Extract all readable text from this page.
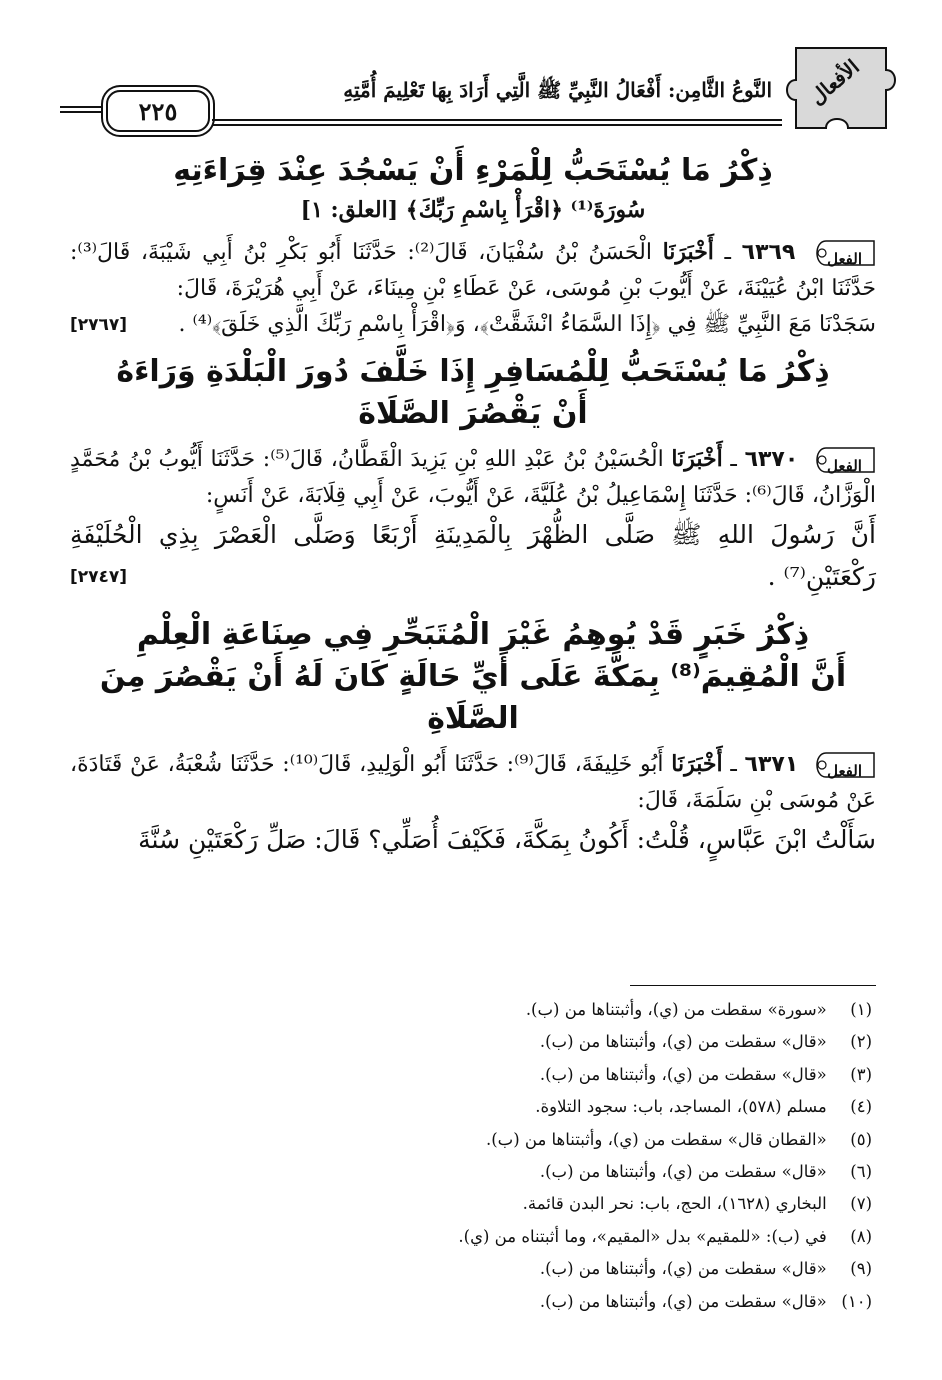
٢٢٥
النَّوعُ الثَّامِن: أَفْعَالُ النَّبِيِّ ﷺ الَّتِي أَرَادَ بِهَا تَعْلِيمَ أُمَّتِهِ الأفعال

ذِكْرُ مَا يُسْتَحَبُّ لِلْمَرْءِ أَنْ يَسْجُدَ عِنْدَ قِرَاءَتِهِ

سُورَةَ⁽¹⁾ ﴿اقْرَأْ بِاسْمِ رَبِّكَ﴾ [العلق: ١]

الفعل
٦٣٦٩ ـ أَخْبَرَنَا الْحَسَنُ بْنُ سُفْيَانَ، قَالَ⁽²⁾: حَدَّثَنَا أَبُو بَكْرِ بْنُ أَبِي شَيْبَةَ، قَالَ⁽³⁾: حَدَّثَنَا ابْنُ عُيَيْنَةَ، عَنْ أَيُّوبَ بْنِ مُوسَى، عَنْ عَطَاءِ بْنِ مِينَاءَ، عَنْ أَبِي هُرَيْرَةَ، قَالَ:

[٢٧٦٧] سَجَدْنَا مَعَ النَّبِيِّ ﷺ فِي ﴿إِذَا السَّمَاءُ انْشَقَّتْ﴾، وَ﴿اقْرَأْ بِاسْمِ رَبِّكَ الَّذِي خَلَقَ﴾⁽⁴⁾ .

ذِكْرُ مَا يُسْتَحَبُّ لِلْمُسَافِرِ إِذَا خَلَّفَ دُورَ الْبَلْدَةِ وَرَاءَهُ

أَنْ يَقْصُرَ الصَّلَاةَ

الفعل
٦٣٧٠ ـ أَخْبَرَنَا الْحُسَيْنُ بْنُ عَبْدِ اللهِ بْنِ يَزِيدَ الْقَطَّانُ، قَالَ⁽⁵⁾: حَدَّثَنَا أَيُّوبُ بْنُ مُحَمَّدٍ الْوَزَّانُ، قَالَ⁽⁶⁾: حَدَّثَنَا إِسْمَاعِيلُ بْنُ عُلَيَّةَ، عَنْ أَيُّوبَ، عَنْ أَبِي قِلَابَةَ، عَنْ أَنَسٍ:

أَنَّ رَسُولَ اللهِ ﷺ صَلَّى الظُّهْرَ بِالْمَدِينَةِ أَرْبَعًا وَصَلَّى الْعَصْرَ بِذِي الْحُلَيْفَةِ رَكْعَتَيْنِ⁽⁷⁾ .
[٢٧٤٧]

ذِكْرُ خَبَرٍ قَدْ يُوهِمُ غَيْرَ الْمُتَبَحِّرِ فِي صِنَاعَةِ الْعِلْمِ

أَنَّ الْمُقِيمَ⁽⁸⁾ بِمَكَّةَ عَلَى أَيِّ حَالَةٍ كَانَ لَهُ أَنْ يَقْصُرَ مِنَ الصَّلَاةِ

الفعل
٦٣٧١ ـ أَخْبَرَنَا أَبُو خَلِيفَةَ، قَالَ⁽⁹⁾: حَدَّثَنَا أَبُو الْوَلِيدِ، قَالَ⁽¹⁰⁾: حَدَّثَنَا شُعْبَةُ، عَنْ قَتَادَةَ، عَنْ مُوسَى بْنِ سَلَمَةَ، قَالَ:

سَأَلْتُ ابْنَ عَبَّاسٍ، قُلْتُ: أَكُونُ بِمَكَّةَ، فَكَيْفَ أُصَلِّي؟ قَالَ: صَلِّ رَكْعَتَيْنِ سُنَّةَ

(١) «سورة» سقطت من (ي)، وأثبتناها من (ب).
(٢) «قال» سقطت من (ي)، وأثبتناها من (ب).
(٣) «قال» سقطت من (ي)، وأثبتناها من (ب).
(٤) مسلم (٥٧٨)، المساجد، باب: سجود التلاوة.
(٥) «القطان قال» سقطت من (ي)، وأثبتناها من (ب).
(٦) «قال» سقطت من (ي)، وأثبتناها من (ب).
(٧) البخاري (١٦٢٨)، الحج، باب: نحر البدن قائمة.
(٨) في (ب): «للمقيم» بدل «المقيم»، وما أثبتناه من (ي).
(٩) «قال» سقطت من (ي)، وأثبتناها من (ب).
(١٠) «قال» سقطت من (ي)، وأثبتناها من (ب).
